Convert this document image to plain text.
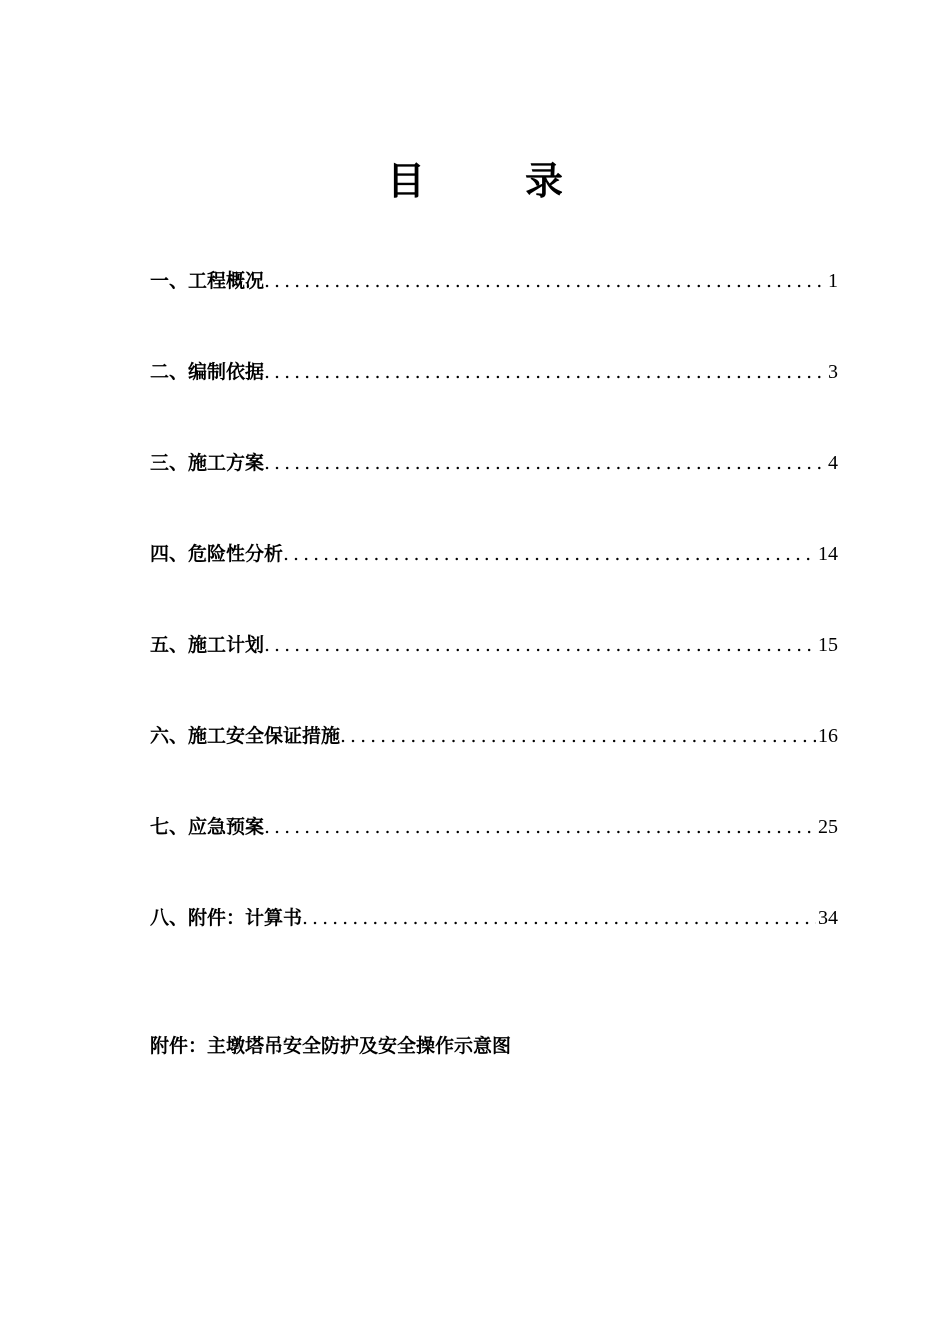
目	录
一、工程概况 .....	1
二、编制依据 .....	3
三、施工方案 .....	4
四、危险性分析 .....	14
五、施工计划 .....	15
六、施工安全保证措施 .....	16
七、应急预案 .....	25
八、附件：计算书 .....	34
附件：主墩塔吊安全防护及安全操作示意图
